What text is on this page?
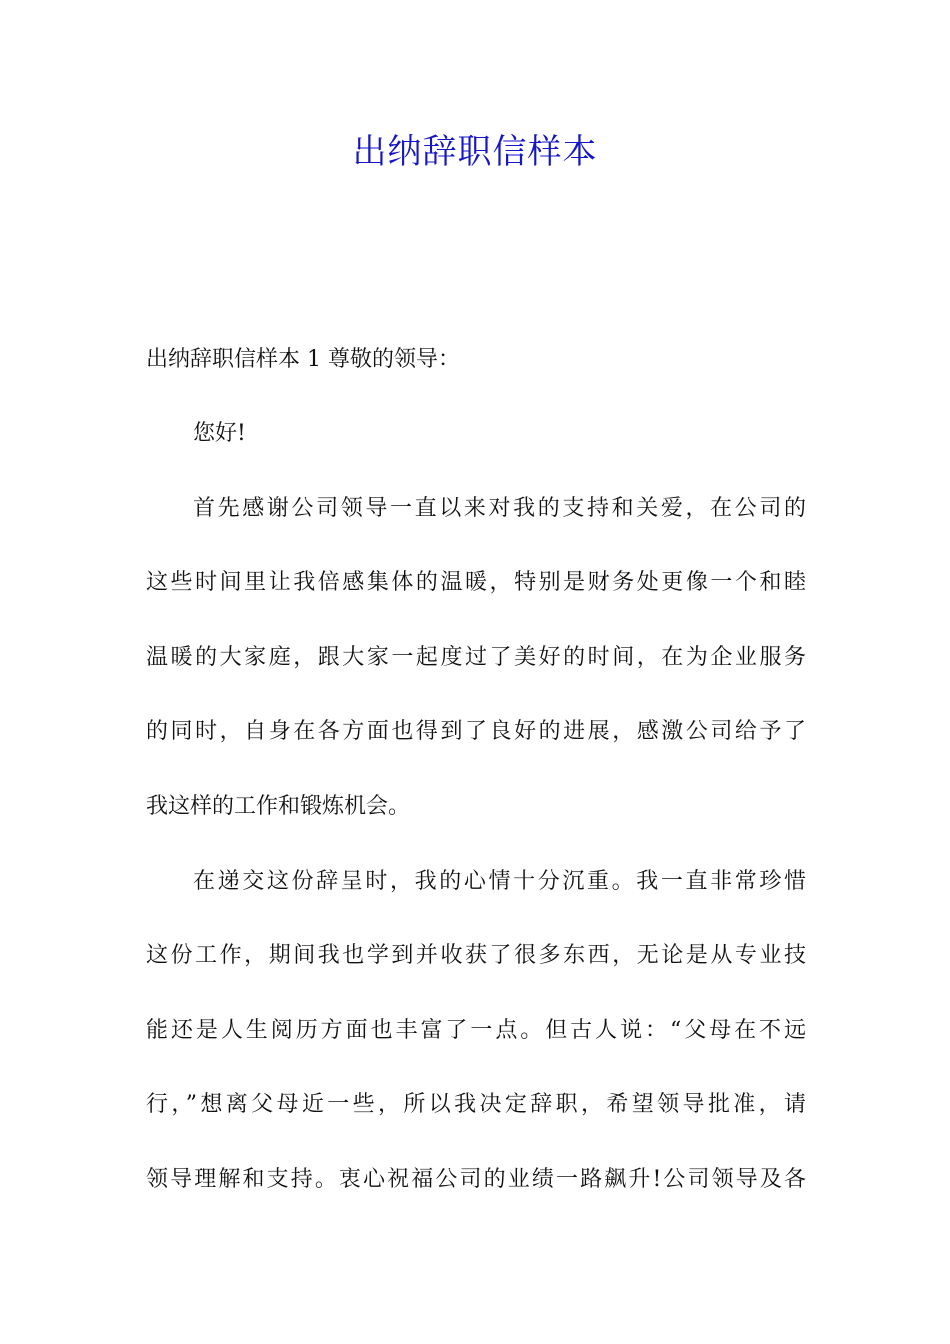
出纳辞职信样本
出纳辞职信样本 1 尊敬的领导：
您好!
首先感谢公司领导一直以来对我的支持和关爱，在公司的
这些时间里让我倍感集体的温暖，特别是财务处更像一个和睦
温暖的大家庭，跟大家一起度过了美好的时间，在为企业服务
的同时，自身在各方面也得到了良好的进展，感激公司给予了
我这样的工作和锻炼机会。
在递交这份辞呈时，我的心情十分沉重。我一直非常珍惜
这份工作，期间我也学到并收获了很多东西，无论是从专业技
能还是人生阅历方面也丰富了一点。但古人说：“父母在不远
行，”想离父母近一些，所以我决定辞职，希望领导批准，请
领导理解和支持。衷心祝福公司的业绩一路飙升!公司领导及各
